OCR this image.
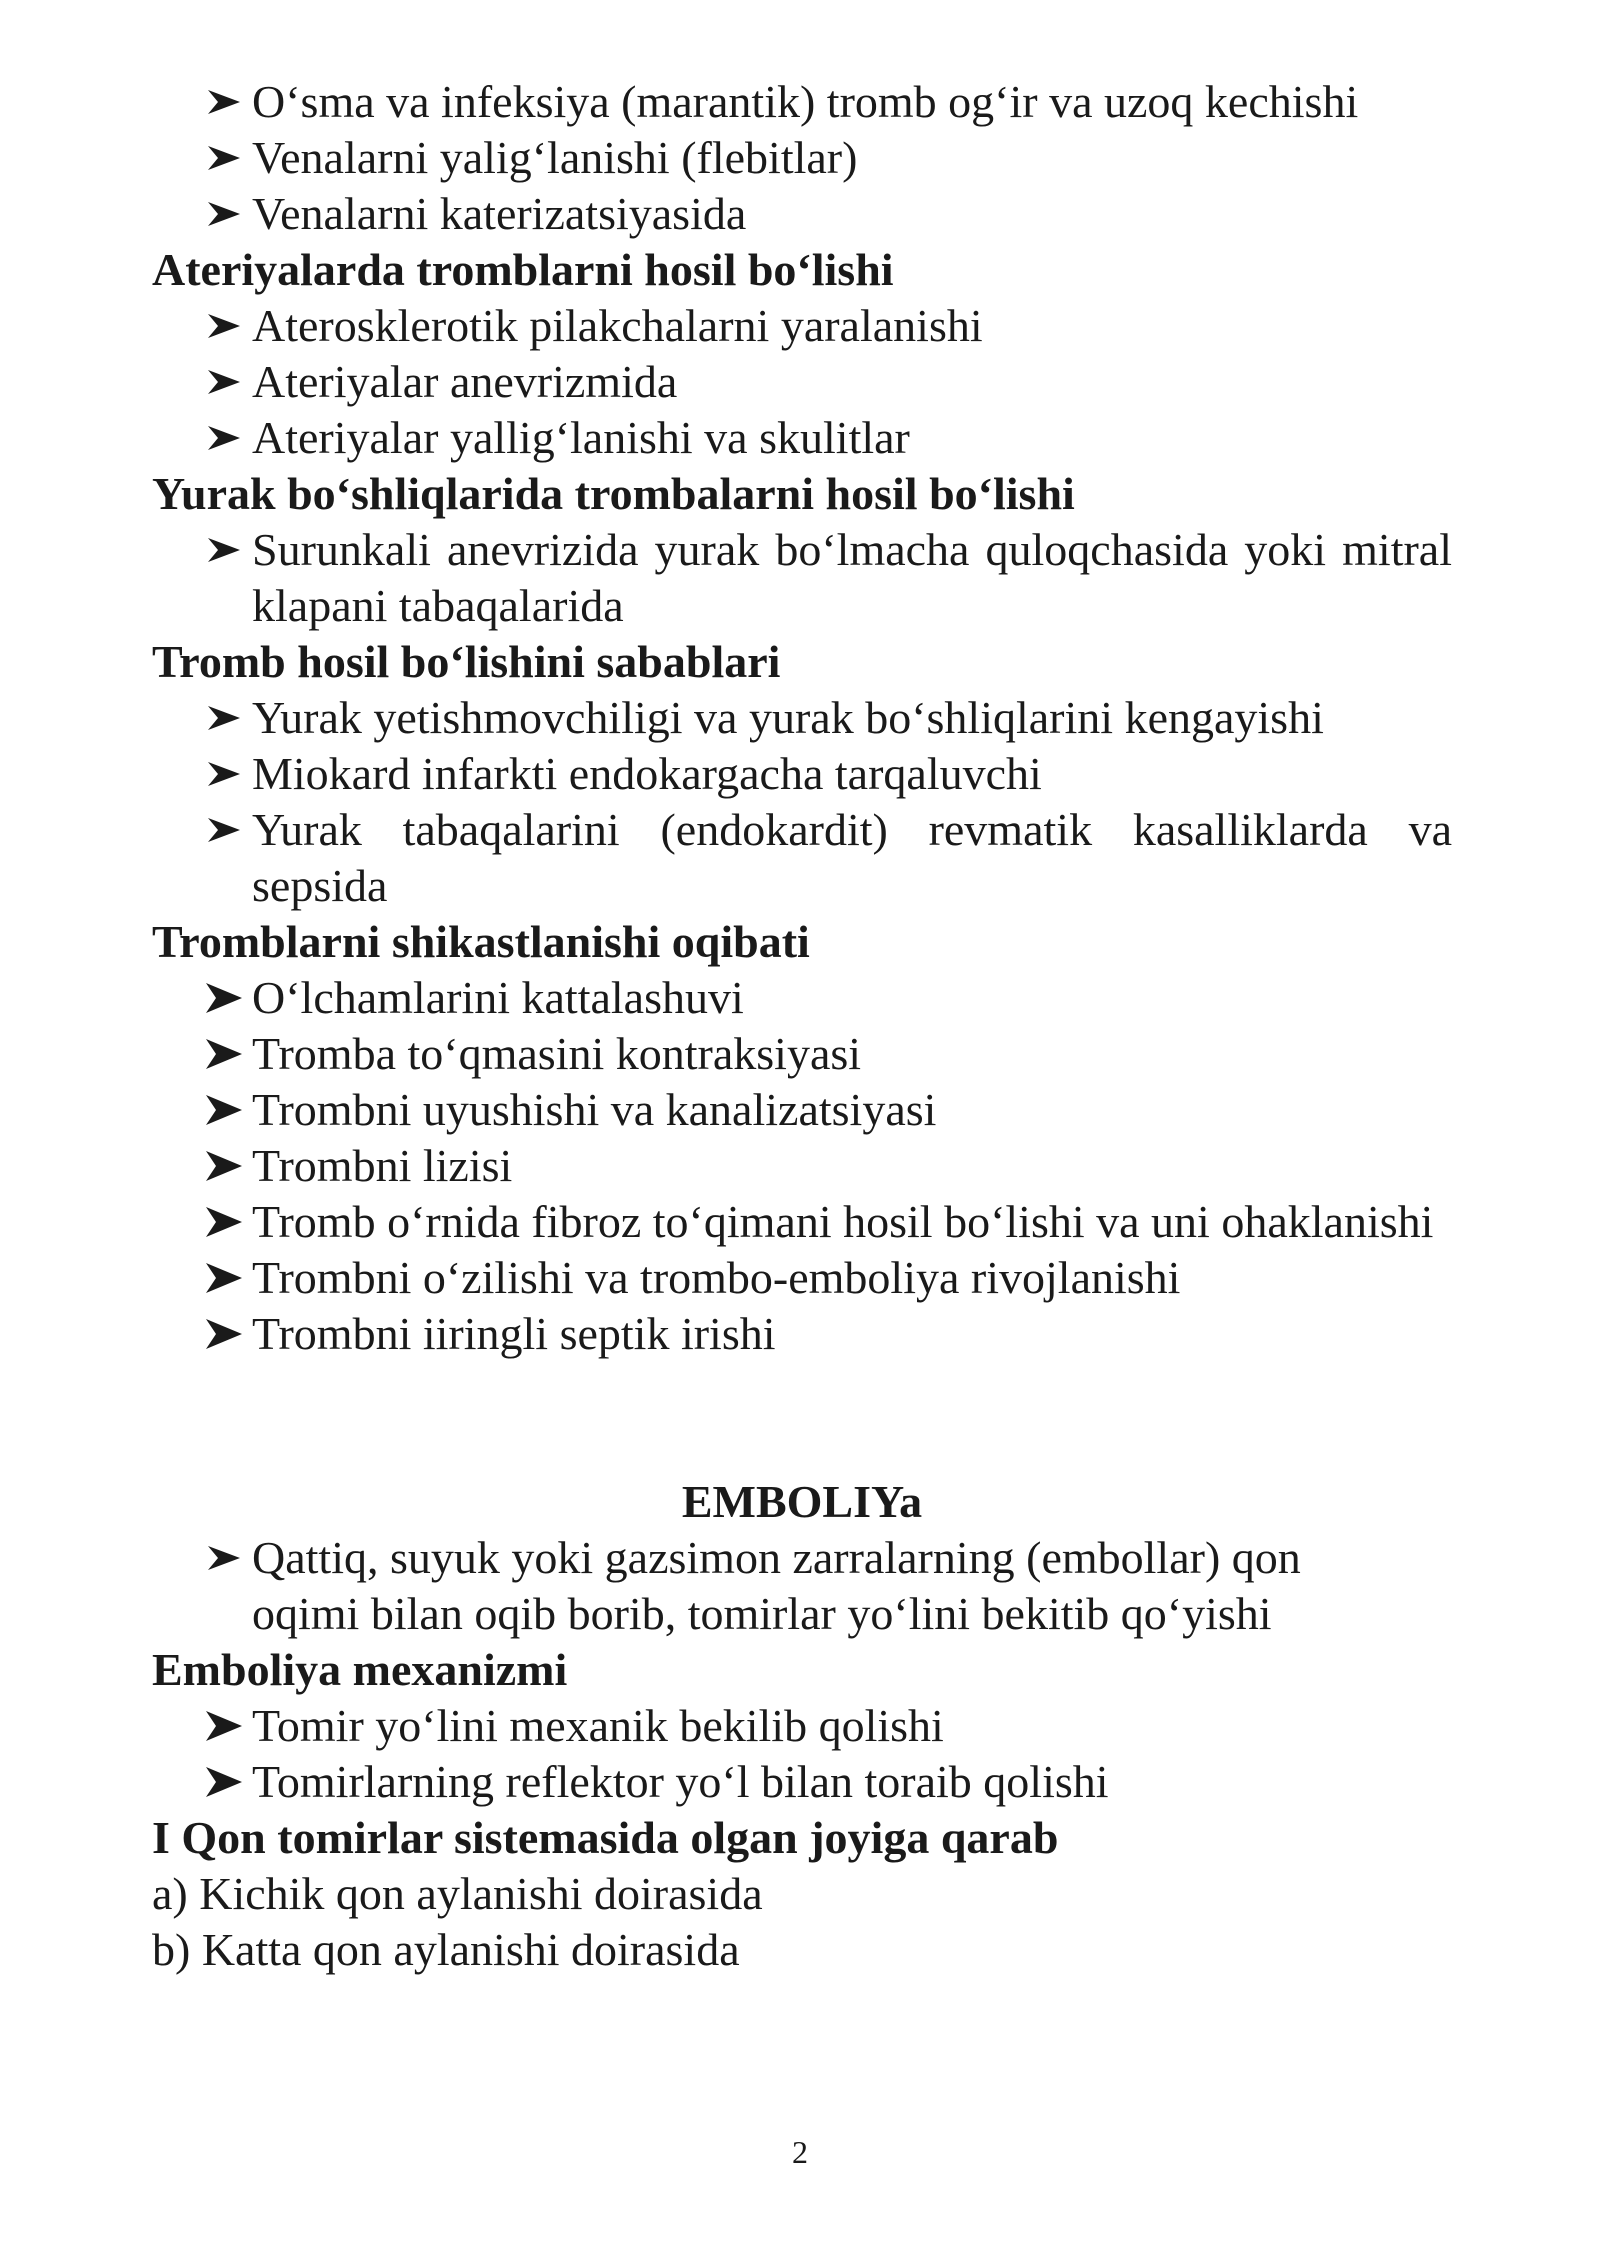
O‘sma va infeksiya (marantik) tromb og‘ir va uzoq kechishi
Venalarni yalig‘lanishi (flebitlar)
Venalarni katerizatsiyasida

Ateriyalarda tromblarni hosil bo‘lishi

Aterosklerotik pilakchalarni yaralanishi
Ateriyalar anevrizmida
Ateriyalar yallig‘lanishi va skulitlar

Yurak bo‘shliqlarida trombalarni hosil bo‘lishi

Surunkali anevrizida yurak bo‘lmacha quloqchasida yoki mitral klapani tabaqalarida

Tromb hosil bo‘lishini sabablari

Yurak yetishmovchiligi va yurak bo‘shliqlarini kengayishi
Miokard infarkti endokargacha tarqaluvchi
Yurak tabaqalarini (endokardit) revmatik kasalliklarda va sepsida

Tromblarni shikastlanishi oqibati

O‘lchamlarini kattalashuvi
Tromba to‘qmasini kontraksiyasi
Trombni uyushishi va kanalizatsiyasi
Trombni lizisi
Tromb o‘rnida fibroz to‘qimani hosil bo‘lishi va uni ohaklanishi
Trombni o‘zilishi va trombo-emboliya rivojlanishi
Trombni iiringli septik irishi

EMBOLIYa

Qattiq, suyuk yoki gazsimon zarralarning (embollar) qon oqimi bilan oqib borib, tomirlar yo‘lini bekitib qo‘yishi

Emboliya mexanizmi

Tomir yo‘lini mexanik bekilib qolishi
Tomirlarning reflektor yo‘l bilan toraib qolishi

I Qon tomirlar sistemasida olgan joyiga qarab

a) Kichik qon aylanishi doirasida

b) Katta qon aylanishi doirasida

2
